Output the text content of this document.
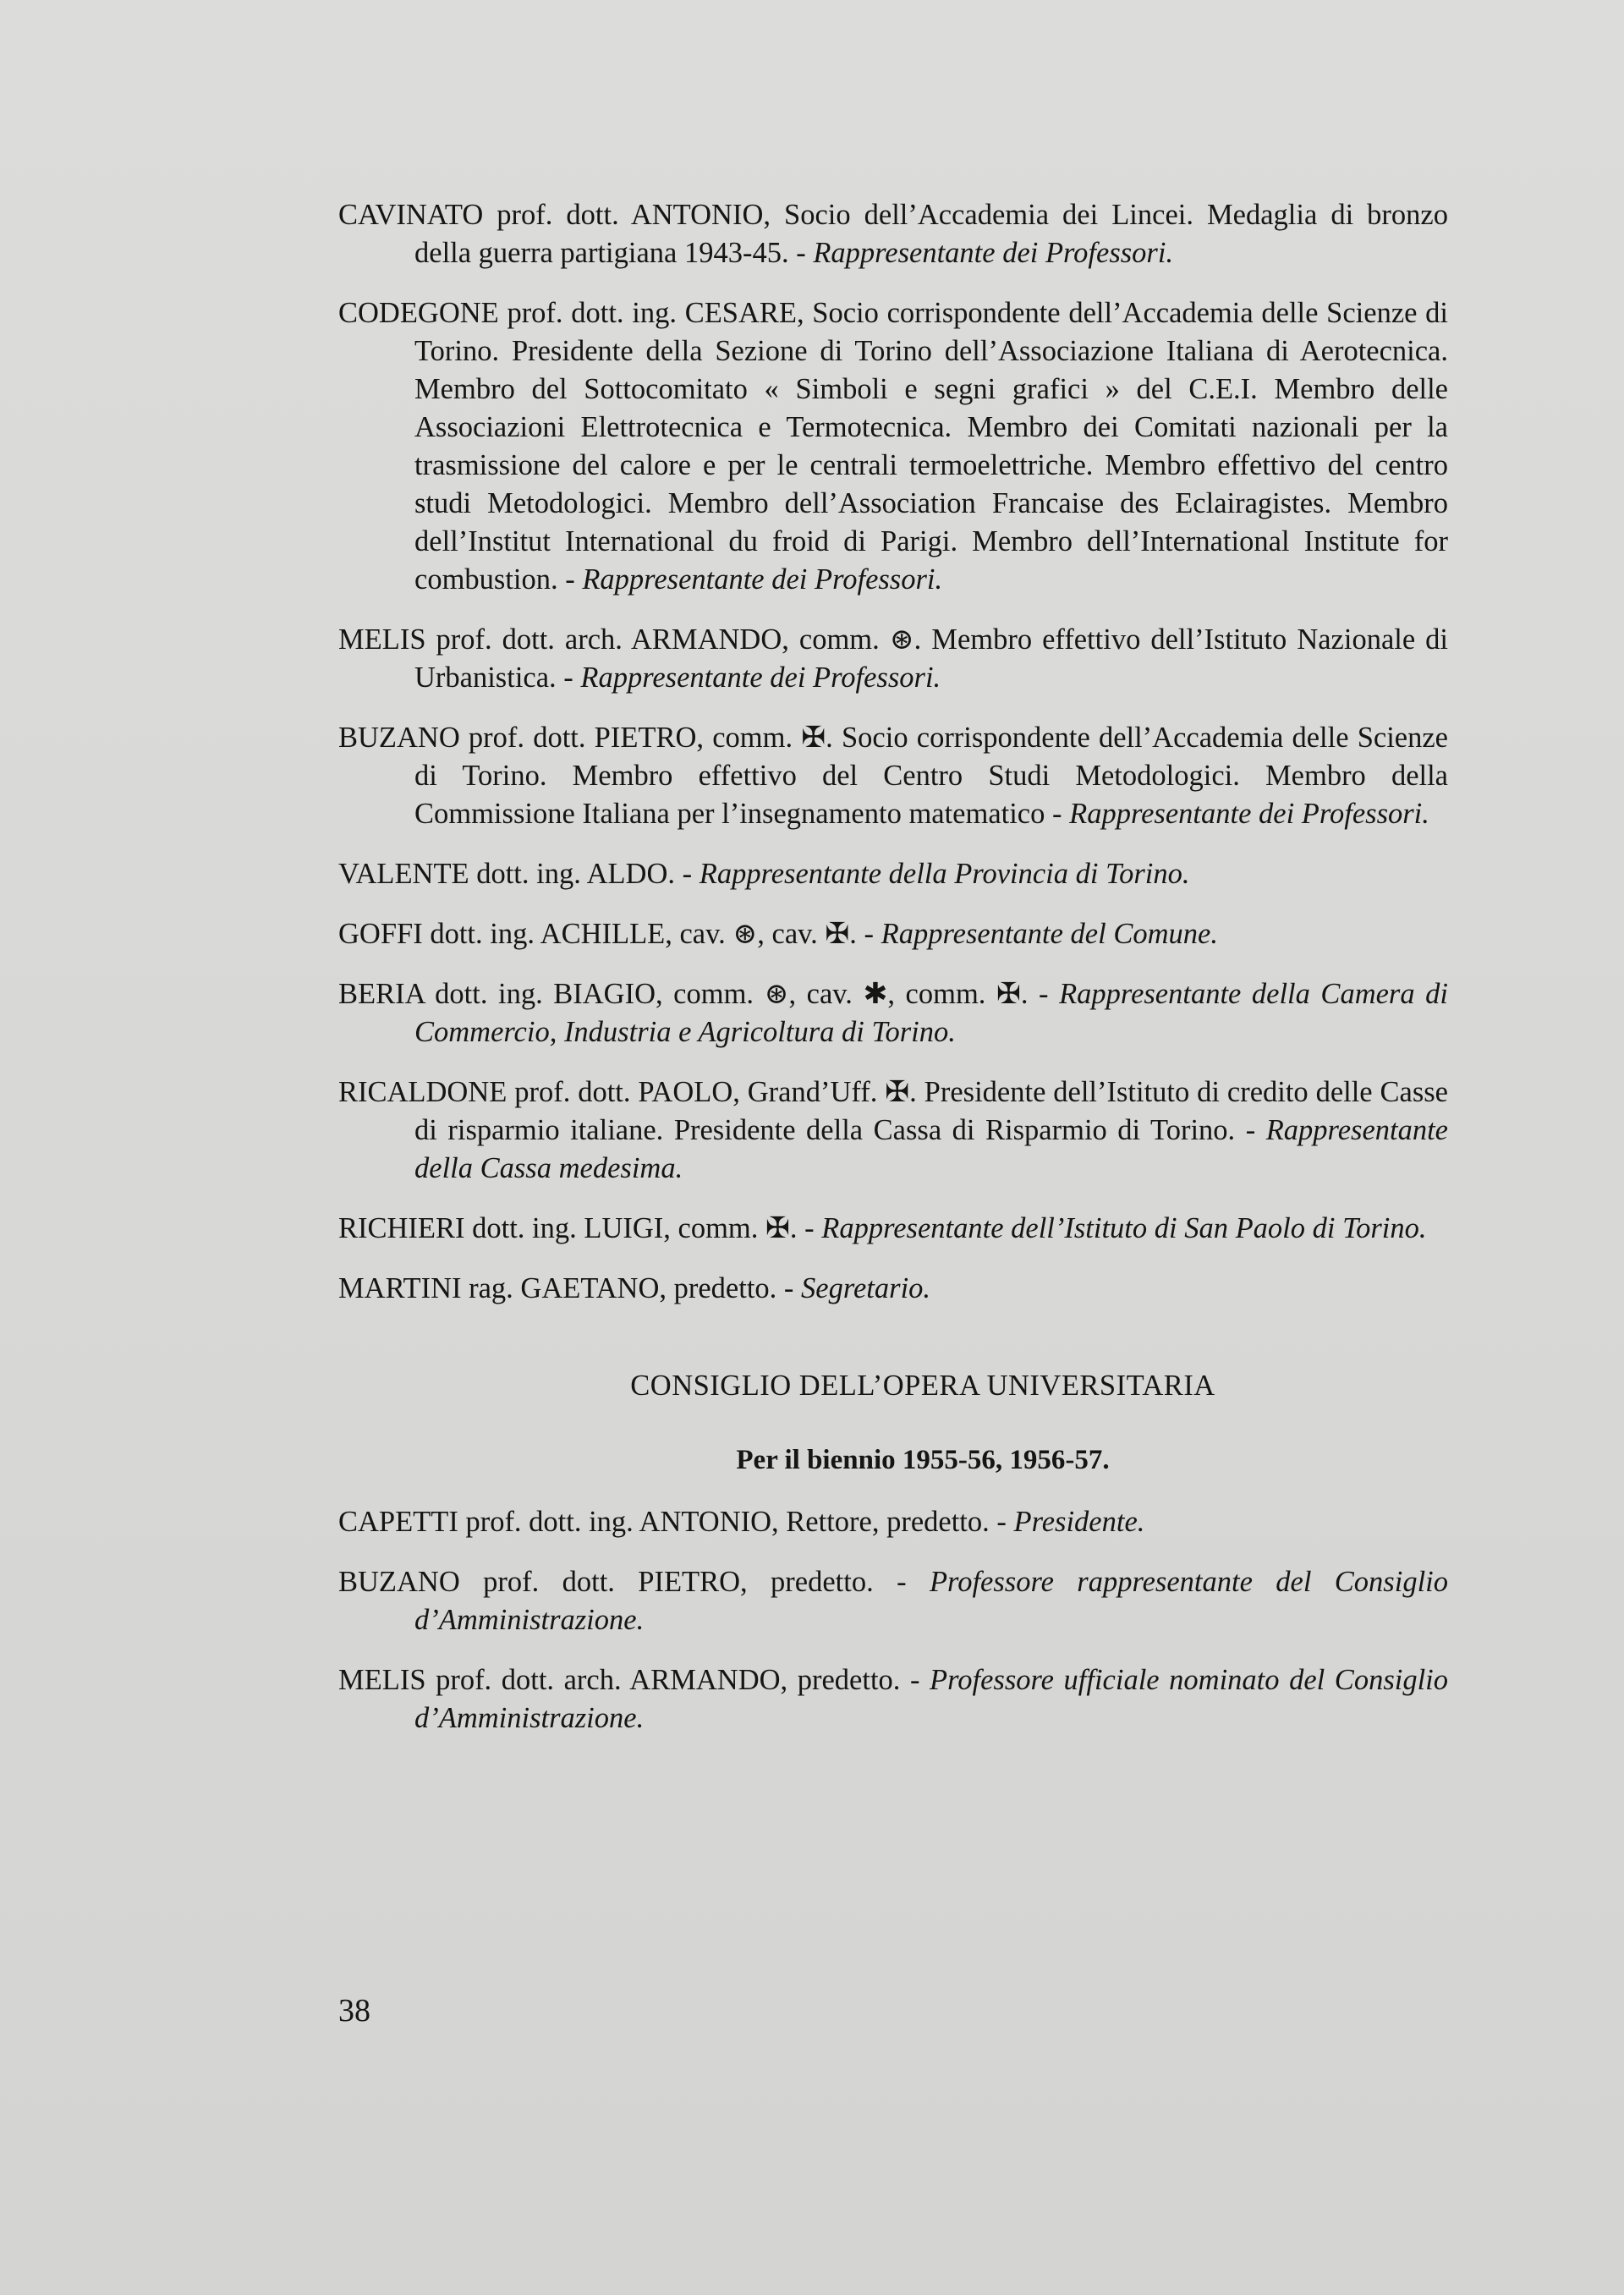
CAVINATO prof. dott. ANTONIO, Socio dell’Accademia dei Lincei. Medaglia di bronzo della guerra partigiana 1943-45. - Rappresentante dei Professori.
CODEGONE prof. dott. ing. CESARE, Socio corrispondente dell’Accademia delle Scienze di Torino. Presidente della Sezione di Torino dell’Associazione Italiana di Aerotecnica. Membro del Sottocomitato « Simboli e segni grafici » del C.E.I. Membro delle Associazioni Elettrotecnica e Termotecnica. Membro dei Comitati nazionali per la trasmissione del calore e per le centrali termoelettriche. Membro effettivo del centro studi Metodologici. Membro dell’Association Francaise des Eclairagistes. Membro dell’Institut International du froid di Parigi. Membro dell’International Institute for combustion. - Rappresentante dei Professori.
MELIS prof. dott. arch. ARMANDO, comm. ⊛. Membro effettivo dell’Istituto Nazionale di Urbanistica. - Rappresentante dei Professori.
BUZANO prof. dott. PIETRO, comm. ✠. Socio corrispondente dell’Accademia delle Scienze di Torino. Membro effettivo del Centro Studi Metodologici. Membro della Commissione Italiana per l’insegnamento matematico - Rappresentante dei Professori.
VALENTE dott. ing. ALDO. - Rappresentante della Provincia di Torino.
GOFFI dott. ing. ACHILLE, cav. ⊛, cav. ✠. - Rappresentante del Comune.
BERIA dott. ing. BIAGIO, comm. ⊛, cav. ✱, comm. ✠. - Rappresentante della Camera di Commercio, Industria e Agricoltura di Torino.
RICALDONE prof. dott. PAOLO, Grand’Uff. ✠. Presidente dell’Istituto di credito delle Casse di risparmio italiane. Presidente della Cassa di Risparmio di Torino. - Rappresentante della Cassa medesima.
RICHIERI dott. ing. LUIGI, comm. ✠. - Rappresentante dell’Istituto di San Paolo di Torino.
MARTINI rag. GAETANO, predetto. - Segretario.
CONSIGLIO DELL’OPERA UNIVERSITARIA
Per il biennio 1955-56, 1956-57.
CAPETTI prof. dott. ing. ANTONIO, Rettore, predetto. - Presidente.
BUZANO prof. dott. PIETRO, predetto. - Professore rappresentante del Consiglio d’Amministrazione.
MELIS prof. dott. arch. ARMANDO, predetto. - Professore ufficiale nominato del Consiglio d’Amministrazione.
38
